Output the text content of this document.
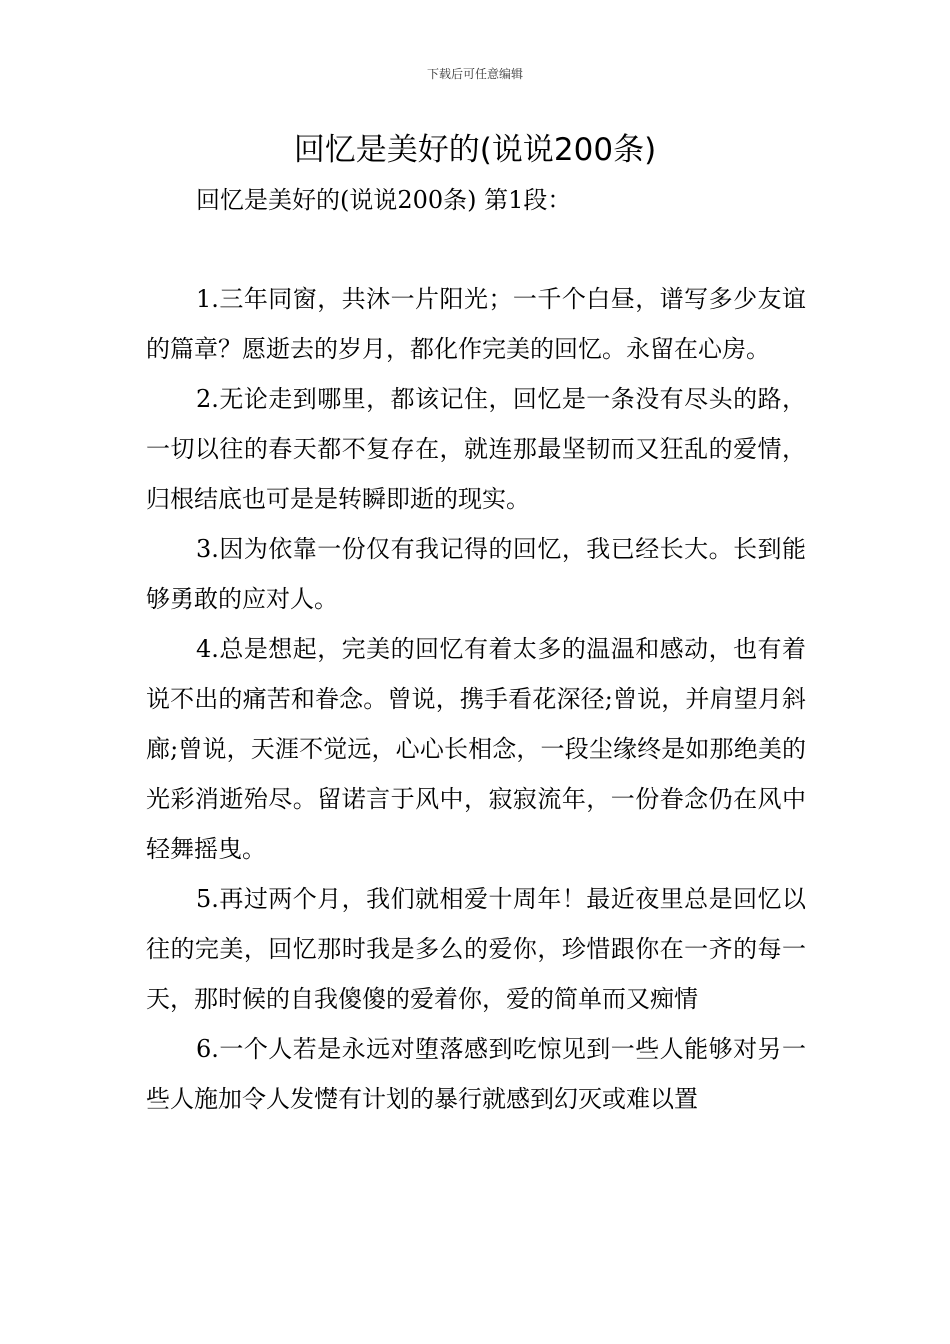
下载后可任意编辑
回忆是美好的(说说200条)
回忆是美好的(说说200条) 第1段：

1.三年同窗，共沐一片阳光；一千个白昼，谱写多少友谊的篇章？愿逝去的岁月，都化作完美的回忆。永留在心房。

2.无论走到哪里，都该记住，回忆是一条没有尽头的路，一切以往的春天都不复存在，就连那最坚韧而又狂乱的爱情，归根结底也可是是转瞬即逝的现实。

3.因为依靠一份仅有我记得的回忆，我已经长大。长到能够勇敢的应对人。

4.总是想起，完美的回忆有着太多的温温和感动，也有着说不出的痛苦和眷念。曾说，携手看花深径;曾说，并肩望月斜廊;曾说，天涯不觉远，心心长相念，一段尘缘终是如那绝美的光彩消逝殆尽。留诺言于风中，寂寂流年，一份眷念仍在风中轻舞摇曳。

5.再过两个月，我们就相爱十周年！最近夜里总是回忆以往的完美，回忆那时我是多么的爱你，珍惜跟你在一齐的每一天，那时候的自我傻傻的爱着你，爱的简单而又痴情

6.一个人若是永远对堕落感到吃惊见到一些人能够对另一些人施加令人发憷有计划的暴行就感到幻灭或难以置
